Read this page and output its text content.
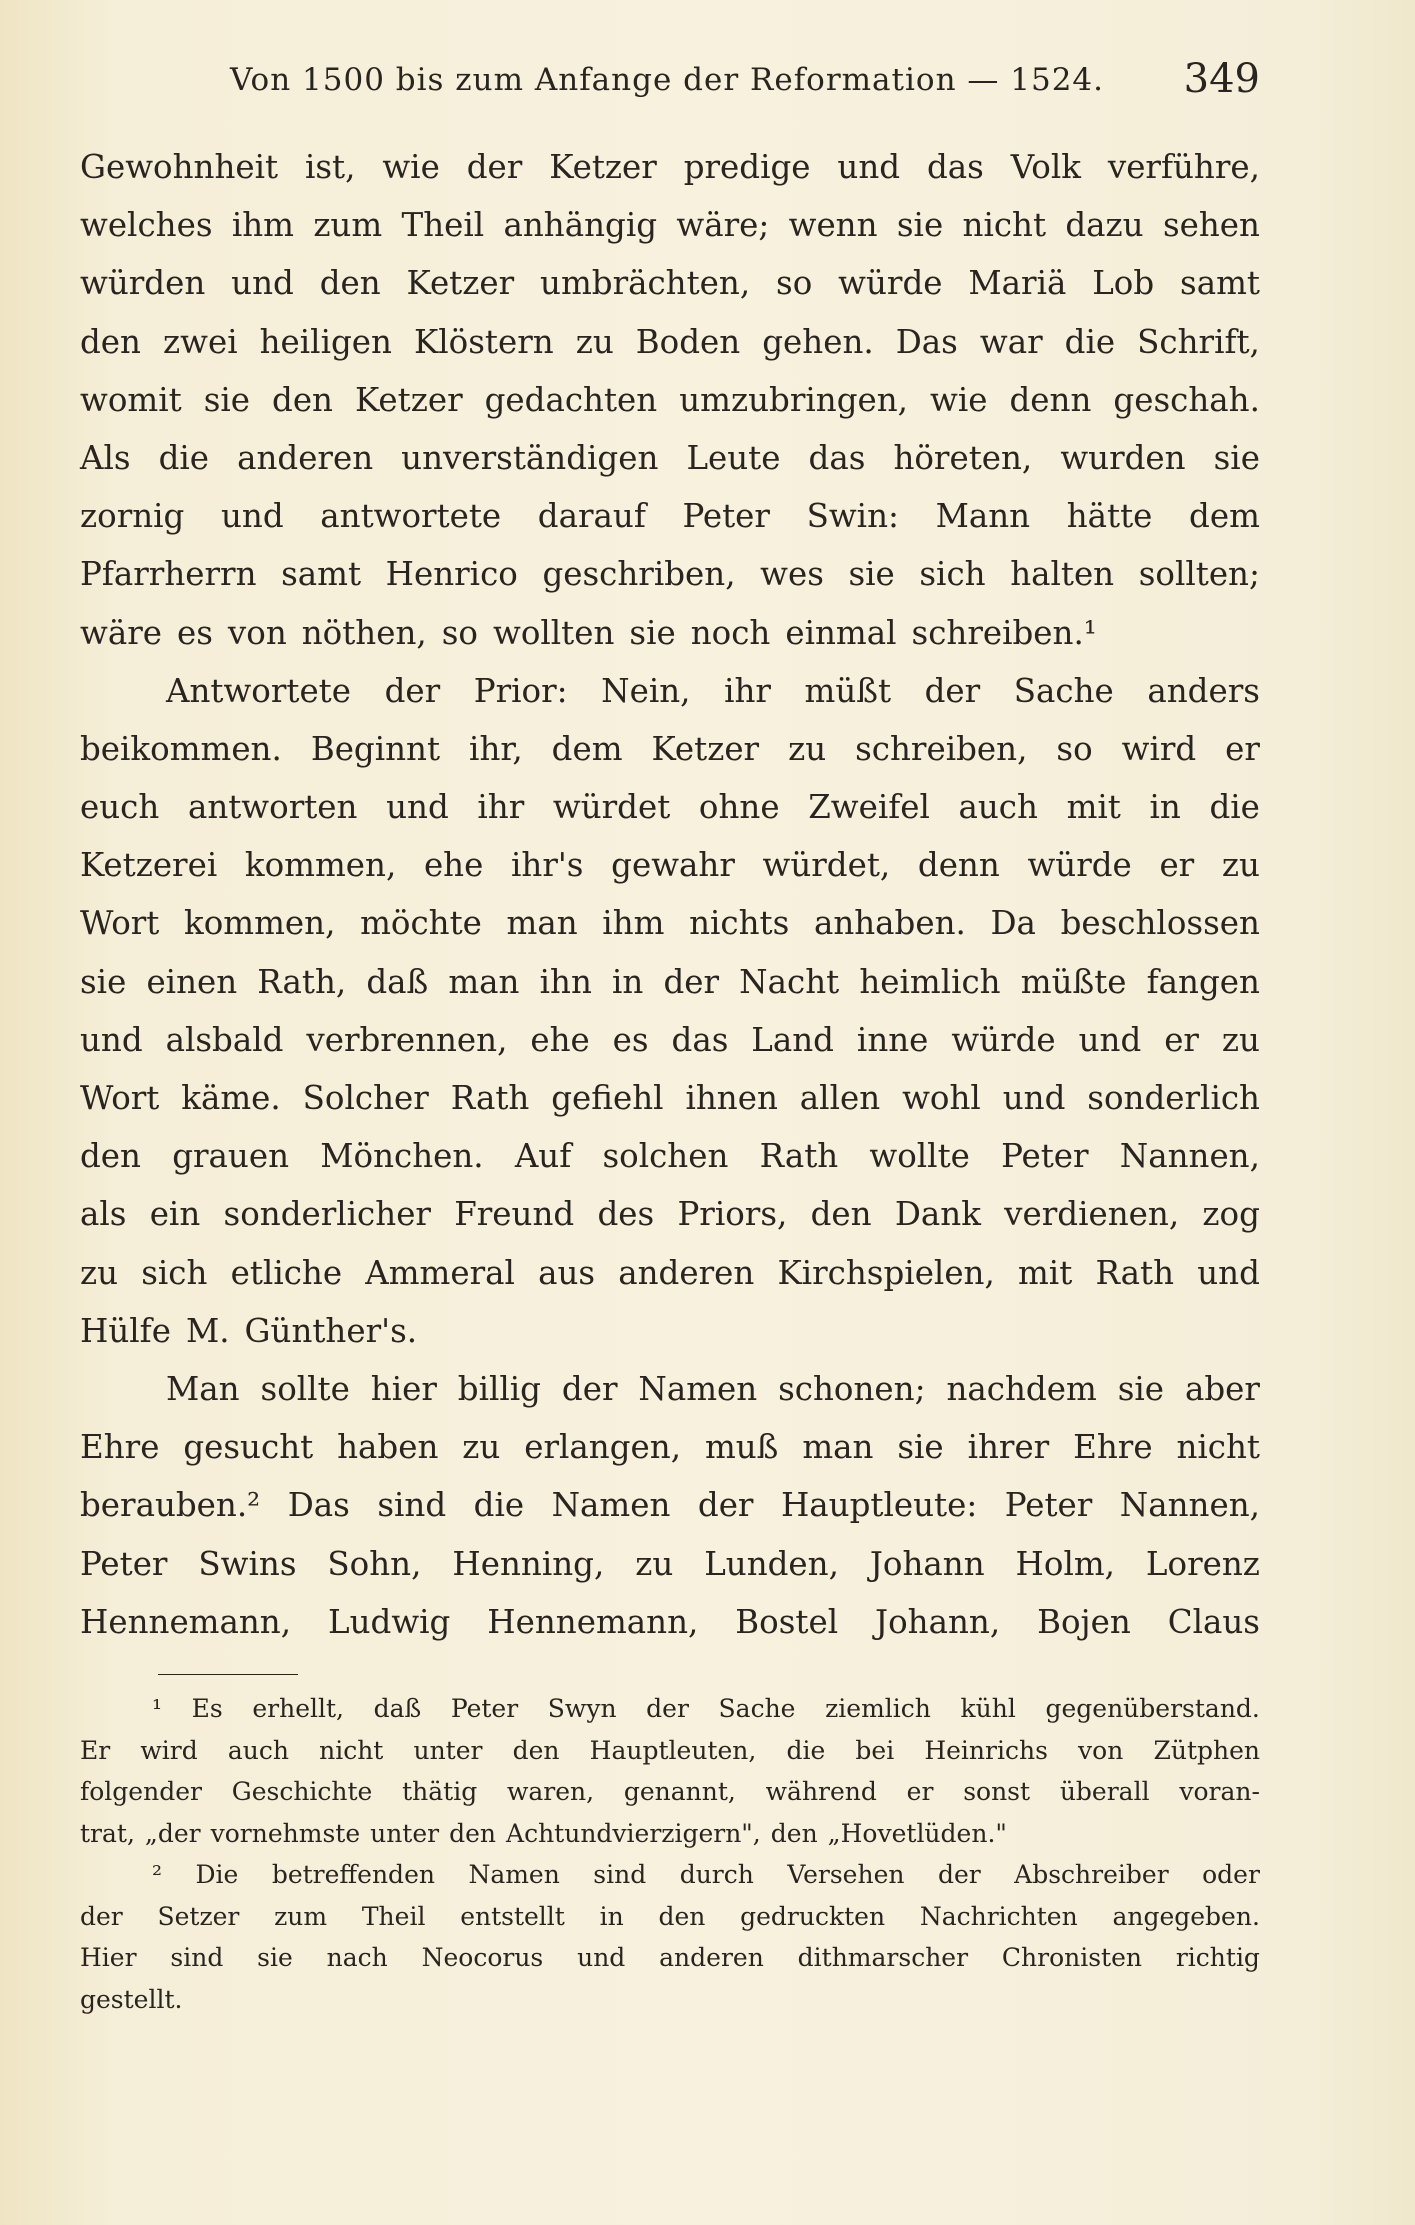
Von 1500 bis zum Anfange der Reformation — 1524. 349
Gewohnheit ist, wie der Ketzer predige und das Volk verführe,
welches ihm zum Theil anhängig wäre; wenn sie nicht dazu sehen
würden und den Ketzer umbrächten, so würde Mariä Lob samt
den zwei heiligen Klöstern zu Boden gehen. Das war die Schrift,
womit sie den Ketzer gedachten umzubringen, wie denn geschah.
Als die anderen unverständigen Leute das höreten, wurden sie
zornig und antwortete darauf Peter Swin: Mann hätte dem
Pfarrherrn samt Henrico geschriben, wes sie sich halten sollten;
wäre es von nöthen, so wollten sie noch einmal schreiben.¹
Antwortete der Prior: Nein, ihr müßt der Sache anders
beikommen. Beginnt ihr, dem Ketzer zu schreiben, so wird er
euch antworten und ihr würdet ohne Zweifel auch mit in die
Ketzerei kommen, ehe ihr's gewahr würdet, denn würde er zu
Wort kommen, möchte man ihm nichts anhaben. Da beschlossen
sie einen Rath, daß man ihn in der Nacht heimlich müßte fangen
und alsbald verbrennen, ehe es das Land inne würde und er zu
Wort käme. Solcher Rath gefiehl ihnen allen wohl und sonderlich
den grauen Mönchen. Auf solchen Rath wollte Peter Nannen,
als ein sonderlicher Freund des Priors, den Dank verdienen, zog
zu sich etliche Ammeral aus anderen Kirchspielen, mit Rath und
Hülfe M. Günther's.
Man sollte hier billig der Namen schonen; nachdem sie aber
Ehre gesucht haben zu erlangen, muß man sie ihrer Ehre nicht
berauben.² Das sind die Namen der Hauptleute: Peter Nannen,
Peter Swins Sohn, Henning, zu Lunden, Johann Holm, Lorenz
Hennemann, Ludwig Hennemann, Bostel Johann, Bojen Claus
¹ Es erhellt, daß Peter Swyn der Sache ziemlich kühl gegenüberstand.
Er wird auch nicht unter den Hauptleuten, die bei Heinrichs von Zütphen
folgender Geschichte thätig waren, genannt, während er sonst überall voran-
trat, „der vornehmste unter den Achtundvierzigern", den „Hovetlüden."
² Die betreffenden Namen sind durch Versehen der Abschreiber oder
der Setzer zum Theil entstellt in den gedruckten Nachrichten angegeben.
Hier sind sie nach Neocorus und anderen dithmarscher Chronisten richtig
gestellt.
